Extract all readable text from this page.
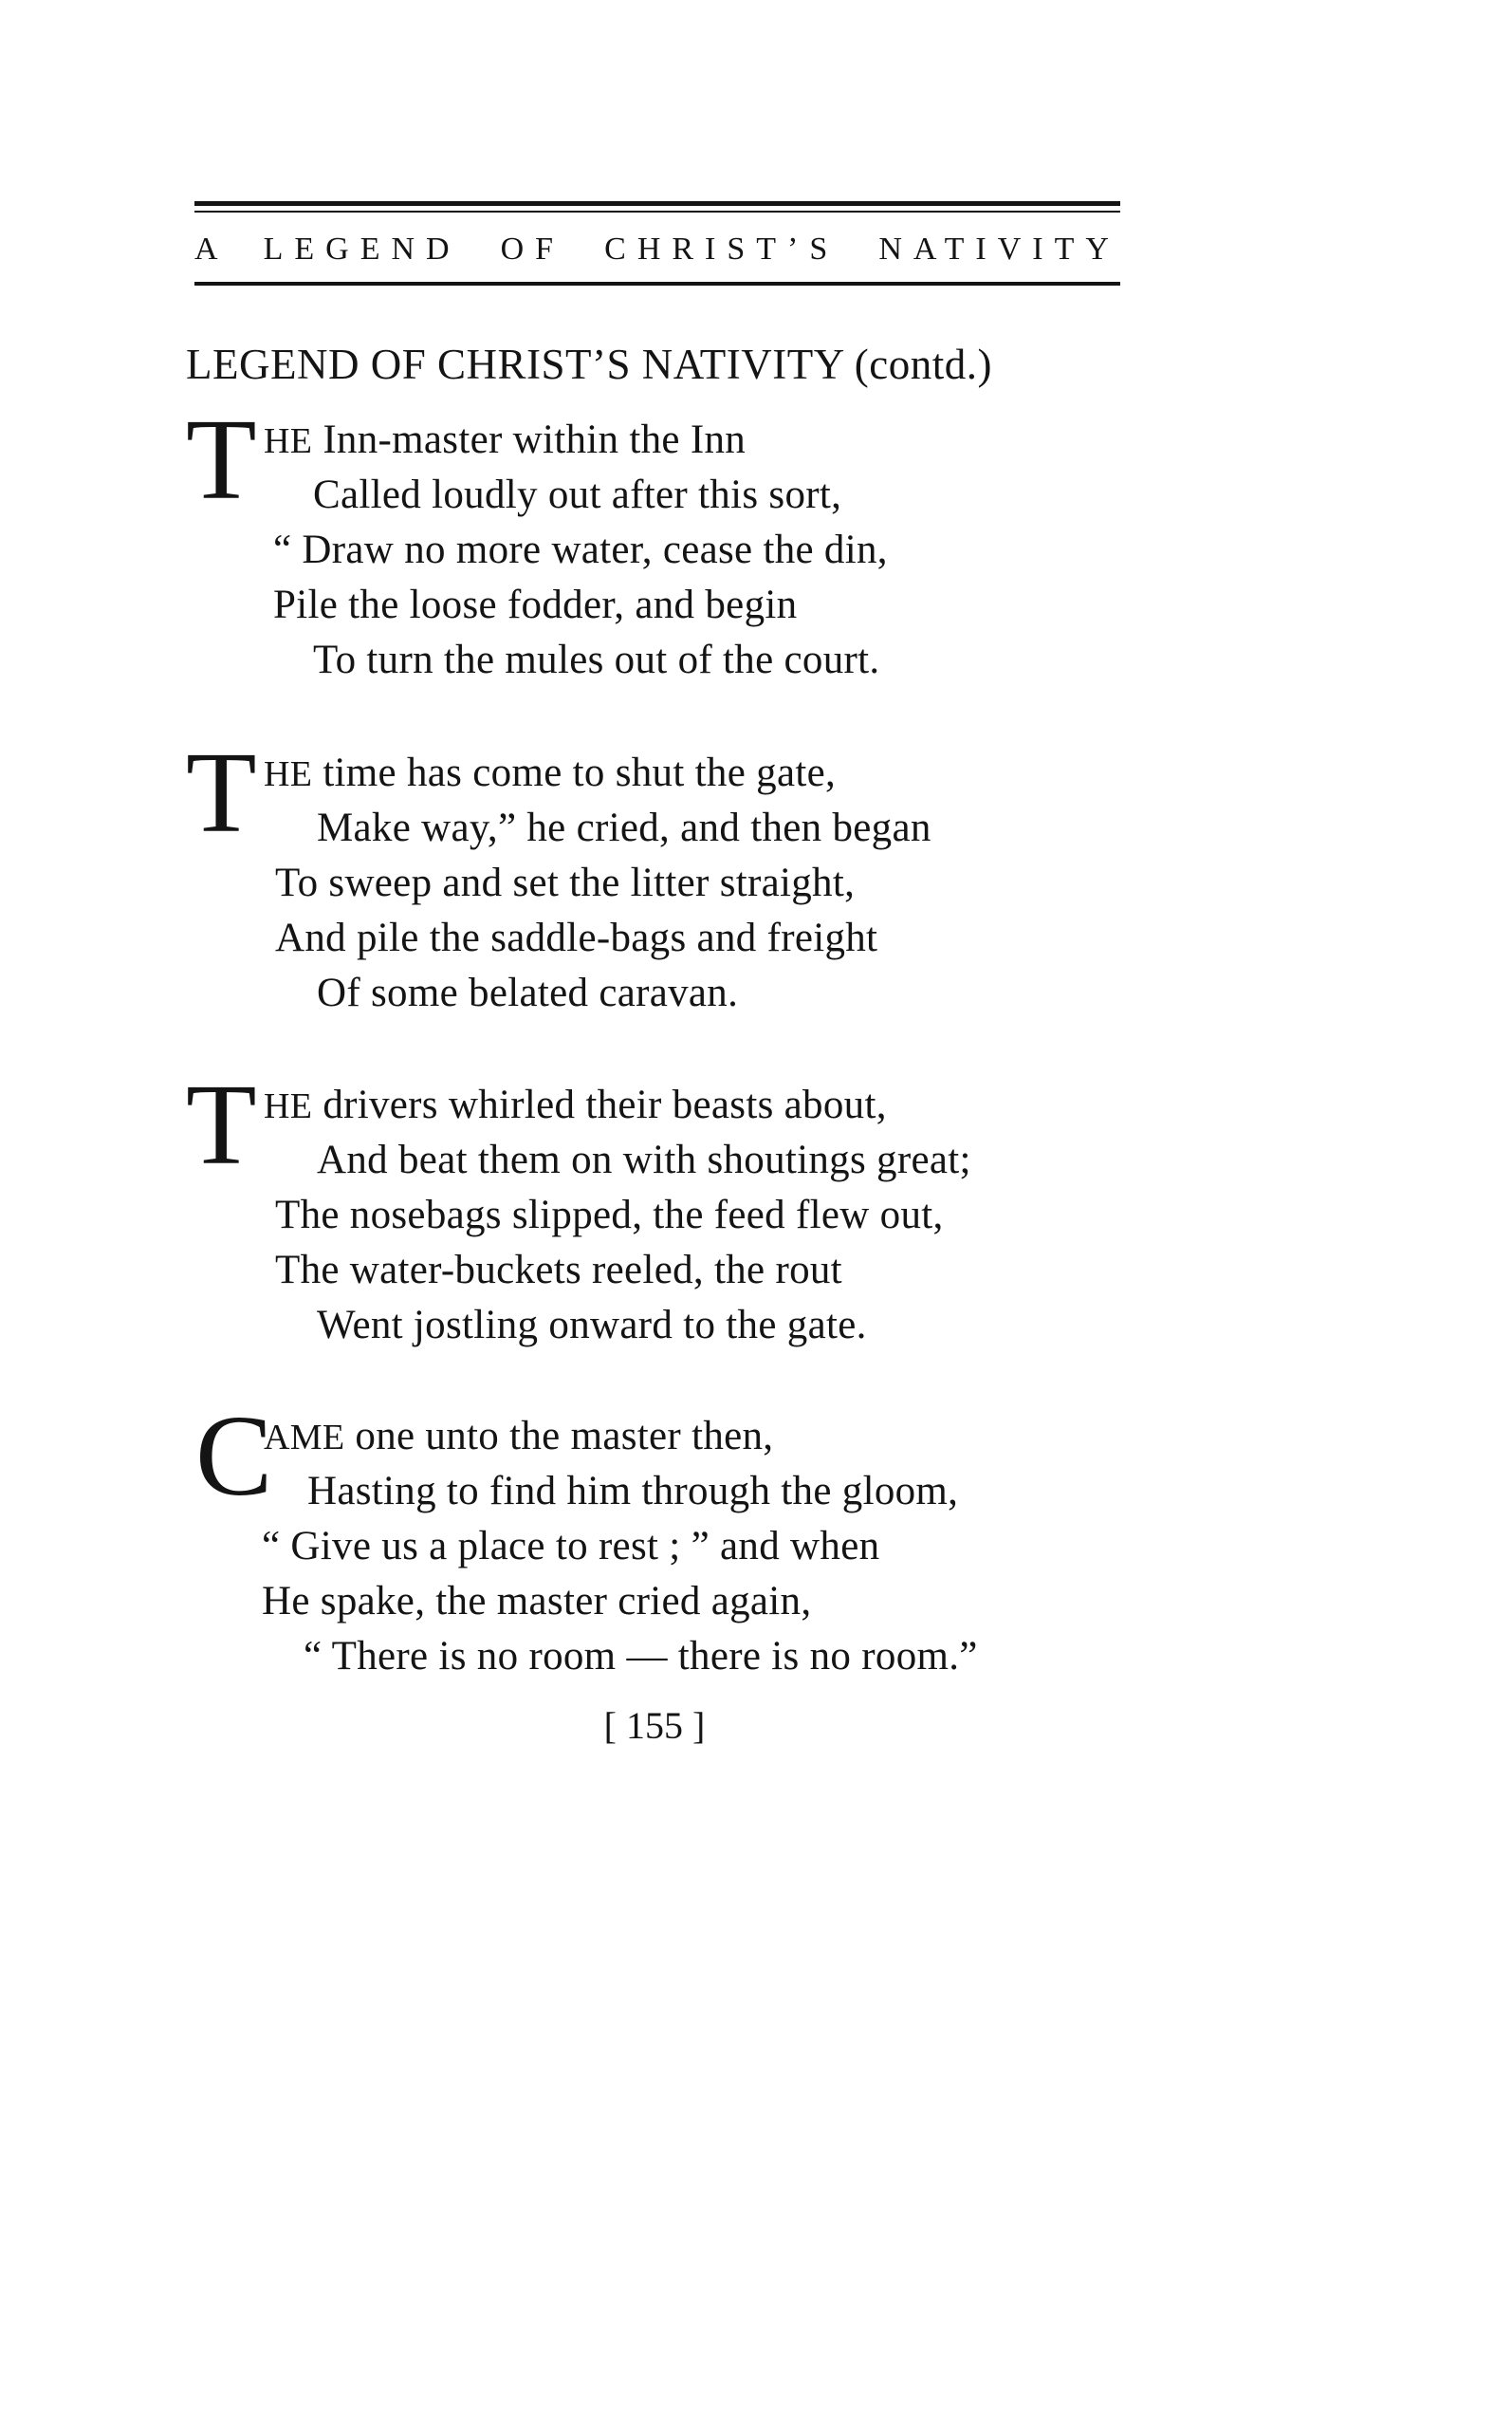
A LEGEND OF CHRIST’S NATIVITY
LEGEND OF CHRIST’S NATIVITY (contd.)
T HE Inn-master within the Inn
Called loudly out after this sort,
“ Draw no more water, cease the din,
Pile the loose fodder, and begin
To turn the mules out of the court.
T HE time has come to shut the gate,
Make way,” he cried, and then began
To sweep and set the litter straight,
And pile the saddle-bags and freight
Of some belated caravan.
T HE drivers whirled their beasts about,
And beat them on with shoutings great;
The nosebags slipped, the feed flew out,
The water-buckets reeled, the rout
Went jostling onward to the gate.
C
AME one unto the master then,
Hasting to find him through the gloom,
“ Give us a place to rest ; ” and when
He spake, the master cried again,
“ There is no room — there is no room.”
[ 155 ]
